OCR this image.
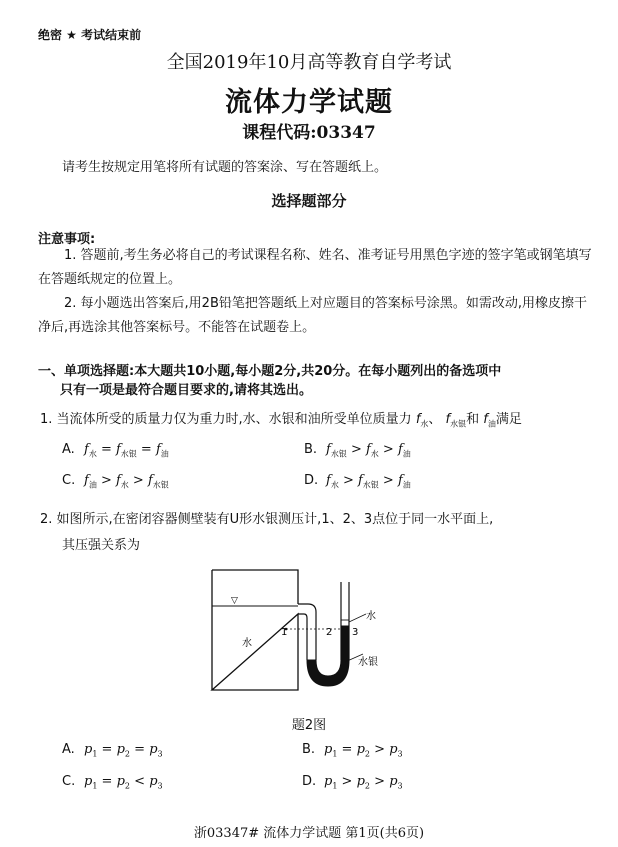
绝密 ★ 考试结束前
全国2019年10月高等教育自学考试
流体力学试题
课程代码:03347
请考生按规定用笔将所有试题的答案涂、写在答题纸上。
选择题部分
注意事项:
1. 答题前,考生务必将自己的考试课程名称、姓名、准考证号用黑色字迹的签字笔或钢笔填写在答题纸规定的位置上。
2. 每小题选出答案后,用2B铅笔把答题纸上对应题目的答案标号涂黑。如需改动,用橡皮擦干净后,再选涂其他答案标号。不能答在试题卷上。
一、单项选择题:本大题共10小题,每小题2分,共20分。在每小题列出的备选项中
只有一项是最符合题目要求的,请将其选出。
1. 当流体所受的质量力仅为重力时,水、水银和油所受单位质量力 $f_水$、 $f_{水银}$和 $f_油$满足
A. $f_水 = f_{水银} = f_油$	B. $f_{水银} > f_水 > f_油$
C. $f_油 > f_水 > f_{水银}$	D. $f_水 > f_{水银} > f_油$
2. 如图所示,在密闭容器侧壁装有U形水银测压计,1、2、3点位于同一水平面上,
其压强关系为
▽
水
1	2 3
水
水银
题2图
A. $p_1 = p_2 = p_3$	B. $p_1 = p_2 > p_3$
C. $p_1 = p_2 < p_3$	D. $p_1 > p_2 > p_3$
浙03347# 流体力学试题 第1页(共6页)
